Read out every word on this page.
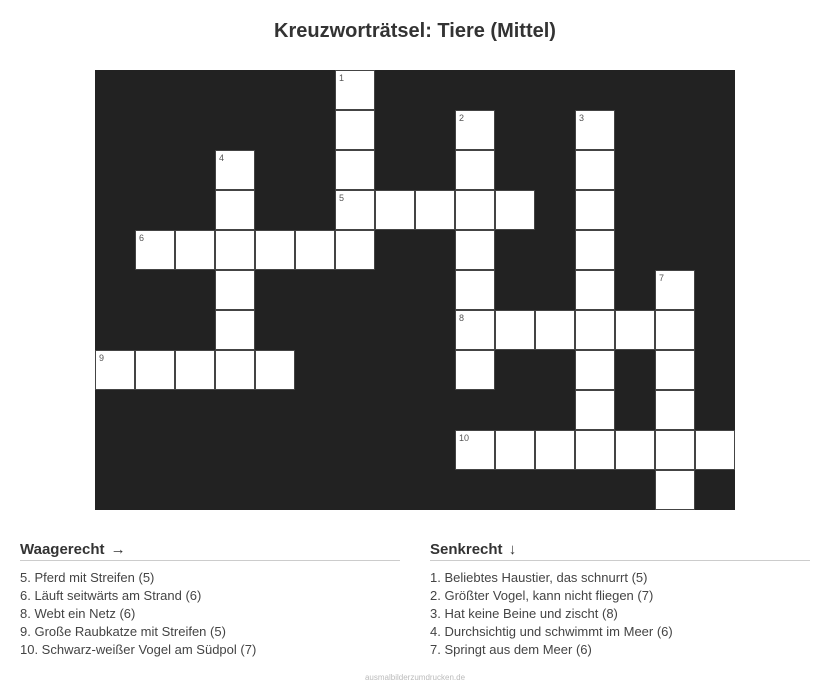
Kreuzworträtsel: Tiere (Mittel)
1
2	3
4
5
6
7
8
9
10
Waagerecht →
5. Pferd mit Streifen (5)
6. Läuft seitwärts am Strand (6)
8. Webt ein Netz (6)
9. Große Raubkatze mit Streifen (5)
10. Schwarz-weißer Vogel am Südpol (7)
Senkrecht ↓
1. Beliebtes Haustier, das schnurrt (5)
2. Größter Vogel, kann nicht fliegen (7)
3. Hat keine Beine und zischt (8)
4. Durchsichtig und schwimmt im Meer (6)
7. Springt aus dem Meer (6)
ausmalbilderzumdrucken.de
